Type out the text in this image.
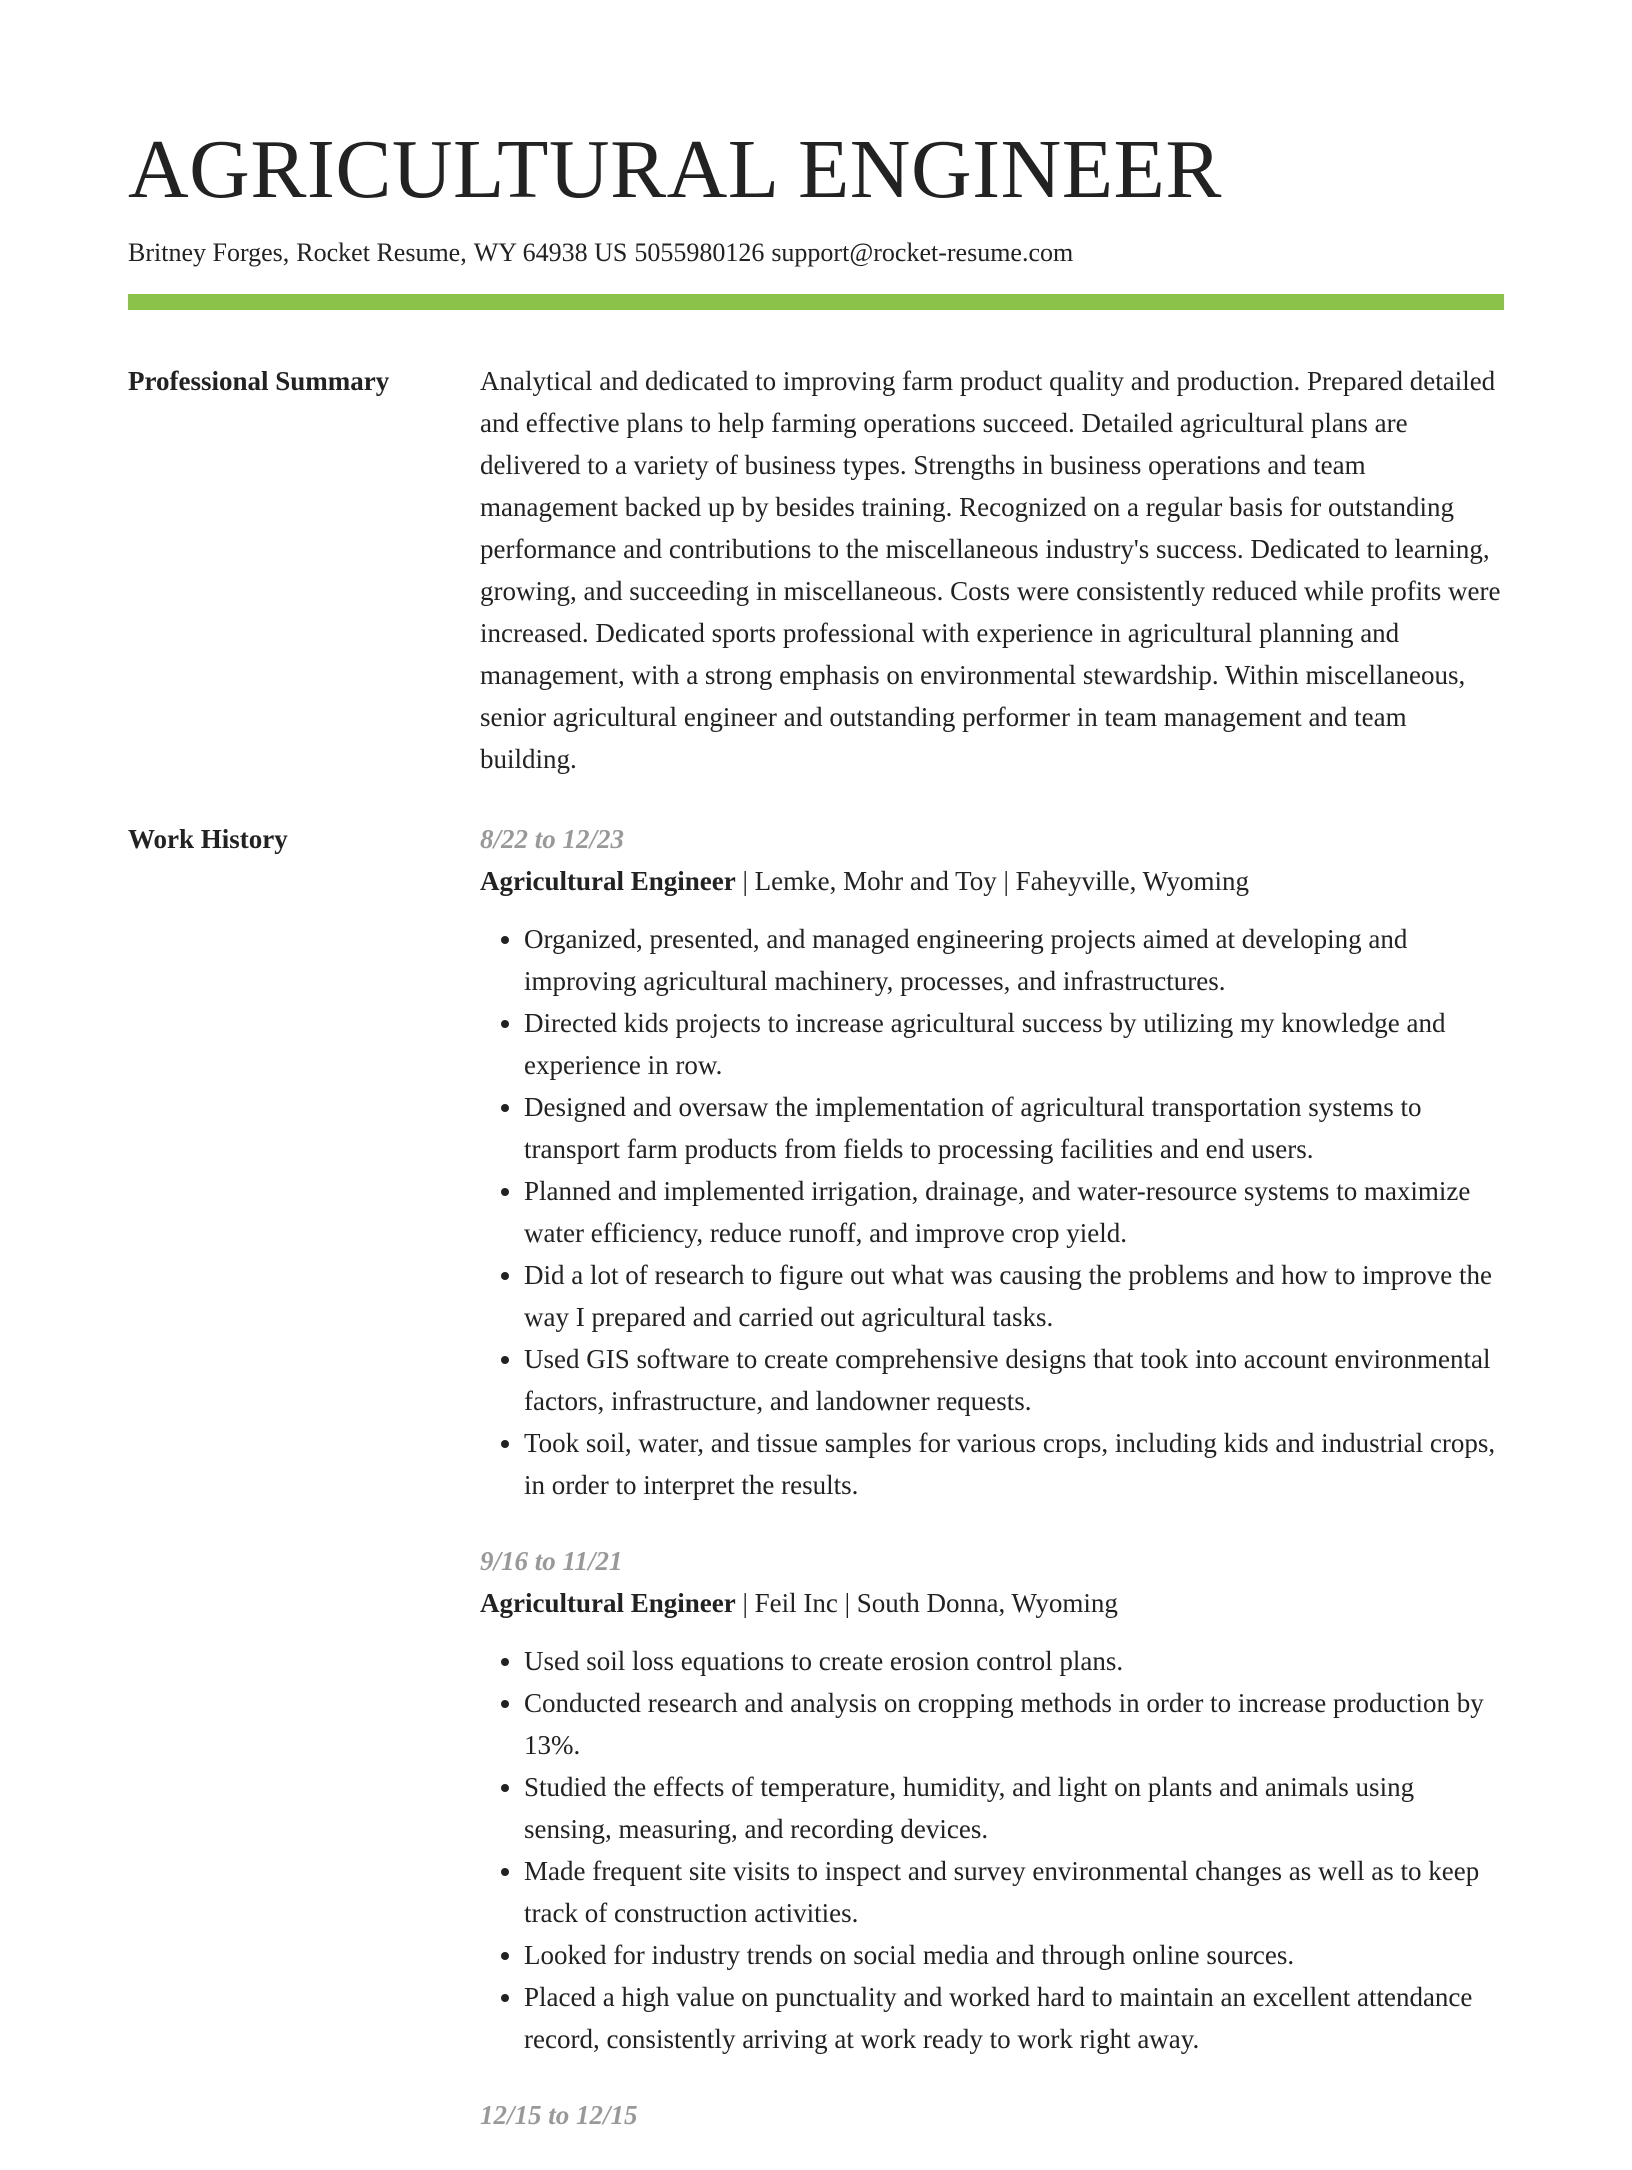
AGRICULTURAL ENGINEER
Britney Forges, Rocket Resume, WY 64938 US 5055980126 support@rocket-resume.com
Professional Summary	Analytical and dedicated to improving farm product quality and production. Prepared detailed and effective plans to help farming operations succeed. Detailed agricultural plans are delivered to a variety of business types. Strengths in business operations and team management backed up by besides training. Recognized on a regular basis for outstanding performance and contributions to the miscellaneous industry's success. Dedicated to learning, growing, and succeeding in miscellaneous. Costs were consistently reduced while profits were increased. Dedicated sports professional with experience in agricultural planning and management, with a strong emphasis on environmental stewardship. Within miscellaneous, senior agricultural engineer and outstanding performer in team management and team building.

Work History	8/22 to 12/23
Agricultural Engineer | Lemke, Mohr and Toy | Faheyville, Wyoming
• Organized, presented, and managed engineering projects aimed at developing and improving agricultural machinery, processes, and infrastructures.
• Directed kids projects to increase agricultural success by utilizing my knowledge and experience in row.
• Designed and oversaw the implementation of agricultural transportation systems to transport farm products from fields to processing facilities and end users.
• Planned and implemented irrigation, drainage, and water-resource systems to maximize water efficiency, reduce runoff, and improve crop yield.
• Did a lot of research to figure out what was causing the problems and how to improve the way I prepared and carried out agricultural tasks.
• Used GIS software to create comprehensive designs that took into account environmental factors, infrastructure, and landowner requests.
• Took soil, water, and tissue samples for various crops, including kids and industrial crops, in order to interpret the results.
9/16 to 11/21
Agricultural Engineer | Feil Inc | South Donna, Wyoming
• Used soil loss equations to create erosion control plans.
• Conducted research and analysis on cropping methods in order to increase production by 13%.
• Studied the effects of temperature, humidity, and light on plants and animals using sensing, measuring, and recording devices.
• Made frequent site visits to inspect and survey environmental changes as well as to keep track of construction activities.
• Looked for industry trends on social media and through online sources.
• Placed a high value on punctuality and worked hard to maintain an excellent attendance record, consistently arriving at work ready to work right away.
12/15 to 12/15
